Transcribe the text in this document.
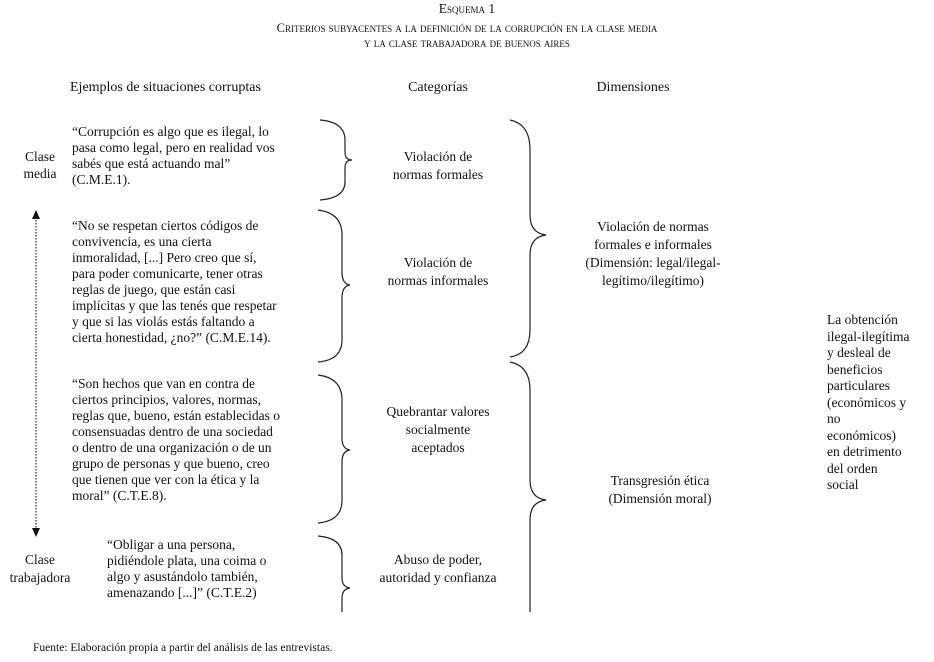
Esquema 1
Criterios subyacentes a la definición de la corrupción en la clase media
y la clase trabajadora de buenos aires
Ejemplos de situaciones corruptas	Categorías	Dimensiones
Clase
media
Clase
trabajadora
“Corrupción es algo que es ilegal, lo
pasa como legal, pero en realidad vos
sabés que está actuando mal”
(C.M.E.1).
“No se respetan ciertos códigos de
convivencia, es una cierta
inmoralidad, [...] Pero creo que sí,
para poder comunicarte, tener otras
reglas de juego, que están casi
implícitas y que las tenés que respetar
y que si las violás estás faltando a
cierta honestidad, ¿no?” (C.M.E.14).
“Son hechos que van en contra de
ciertos principios, valores, normas,
reglas que, bueno, están establecidas o
consensuadas dentro de una sociedad
o dentro de una organización o de un
grupo de personas y que bueno, creo
que tienen que ver con la ética y la
moral” (C.T.E.8).
“Obligar a una persona,
pidiéndole plata, una coima o
algo y asustándolo también,
amenazando [...]” (C.T.E.2)
Violación de
normas formales
Violación de
normas informales
Quebrantar valores
socialmente
aceptados
Abuso de poder,
autoridad y confianza
Violación de normas
formales e informales
(Dimensión: legal/ilegal-
legítimo/ilegítimo)
Transgresión ética
(Dimensión moral)
La obtención
ilegal-ilegítima
y desleal de
beneficios
particulares
(económicos y
no
económicos)
en detrimento
del orden
social
Fuente: Elaboración propia a partir del análisis de las entrevistas.
